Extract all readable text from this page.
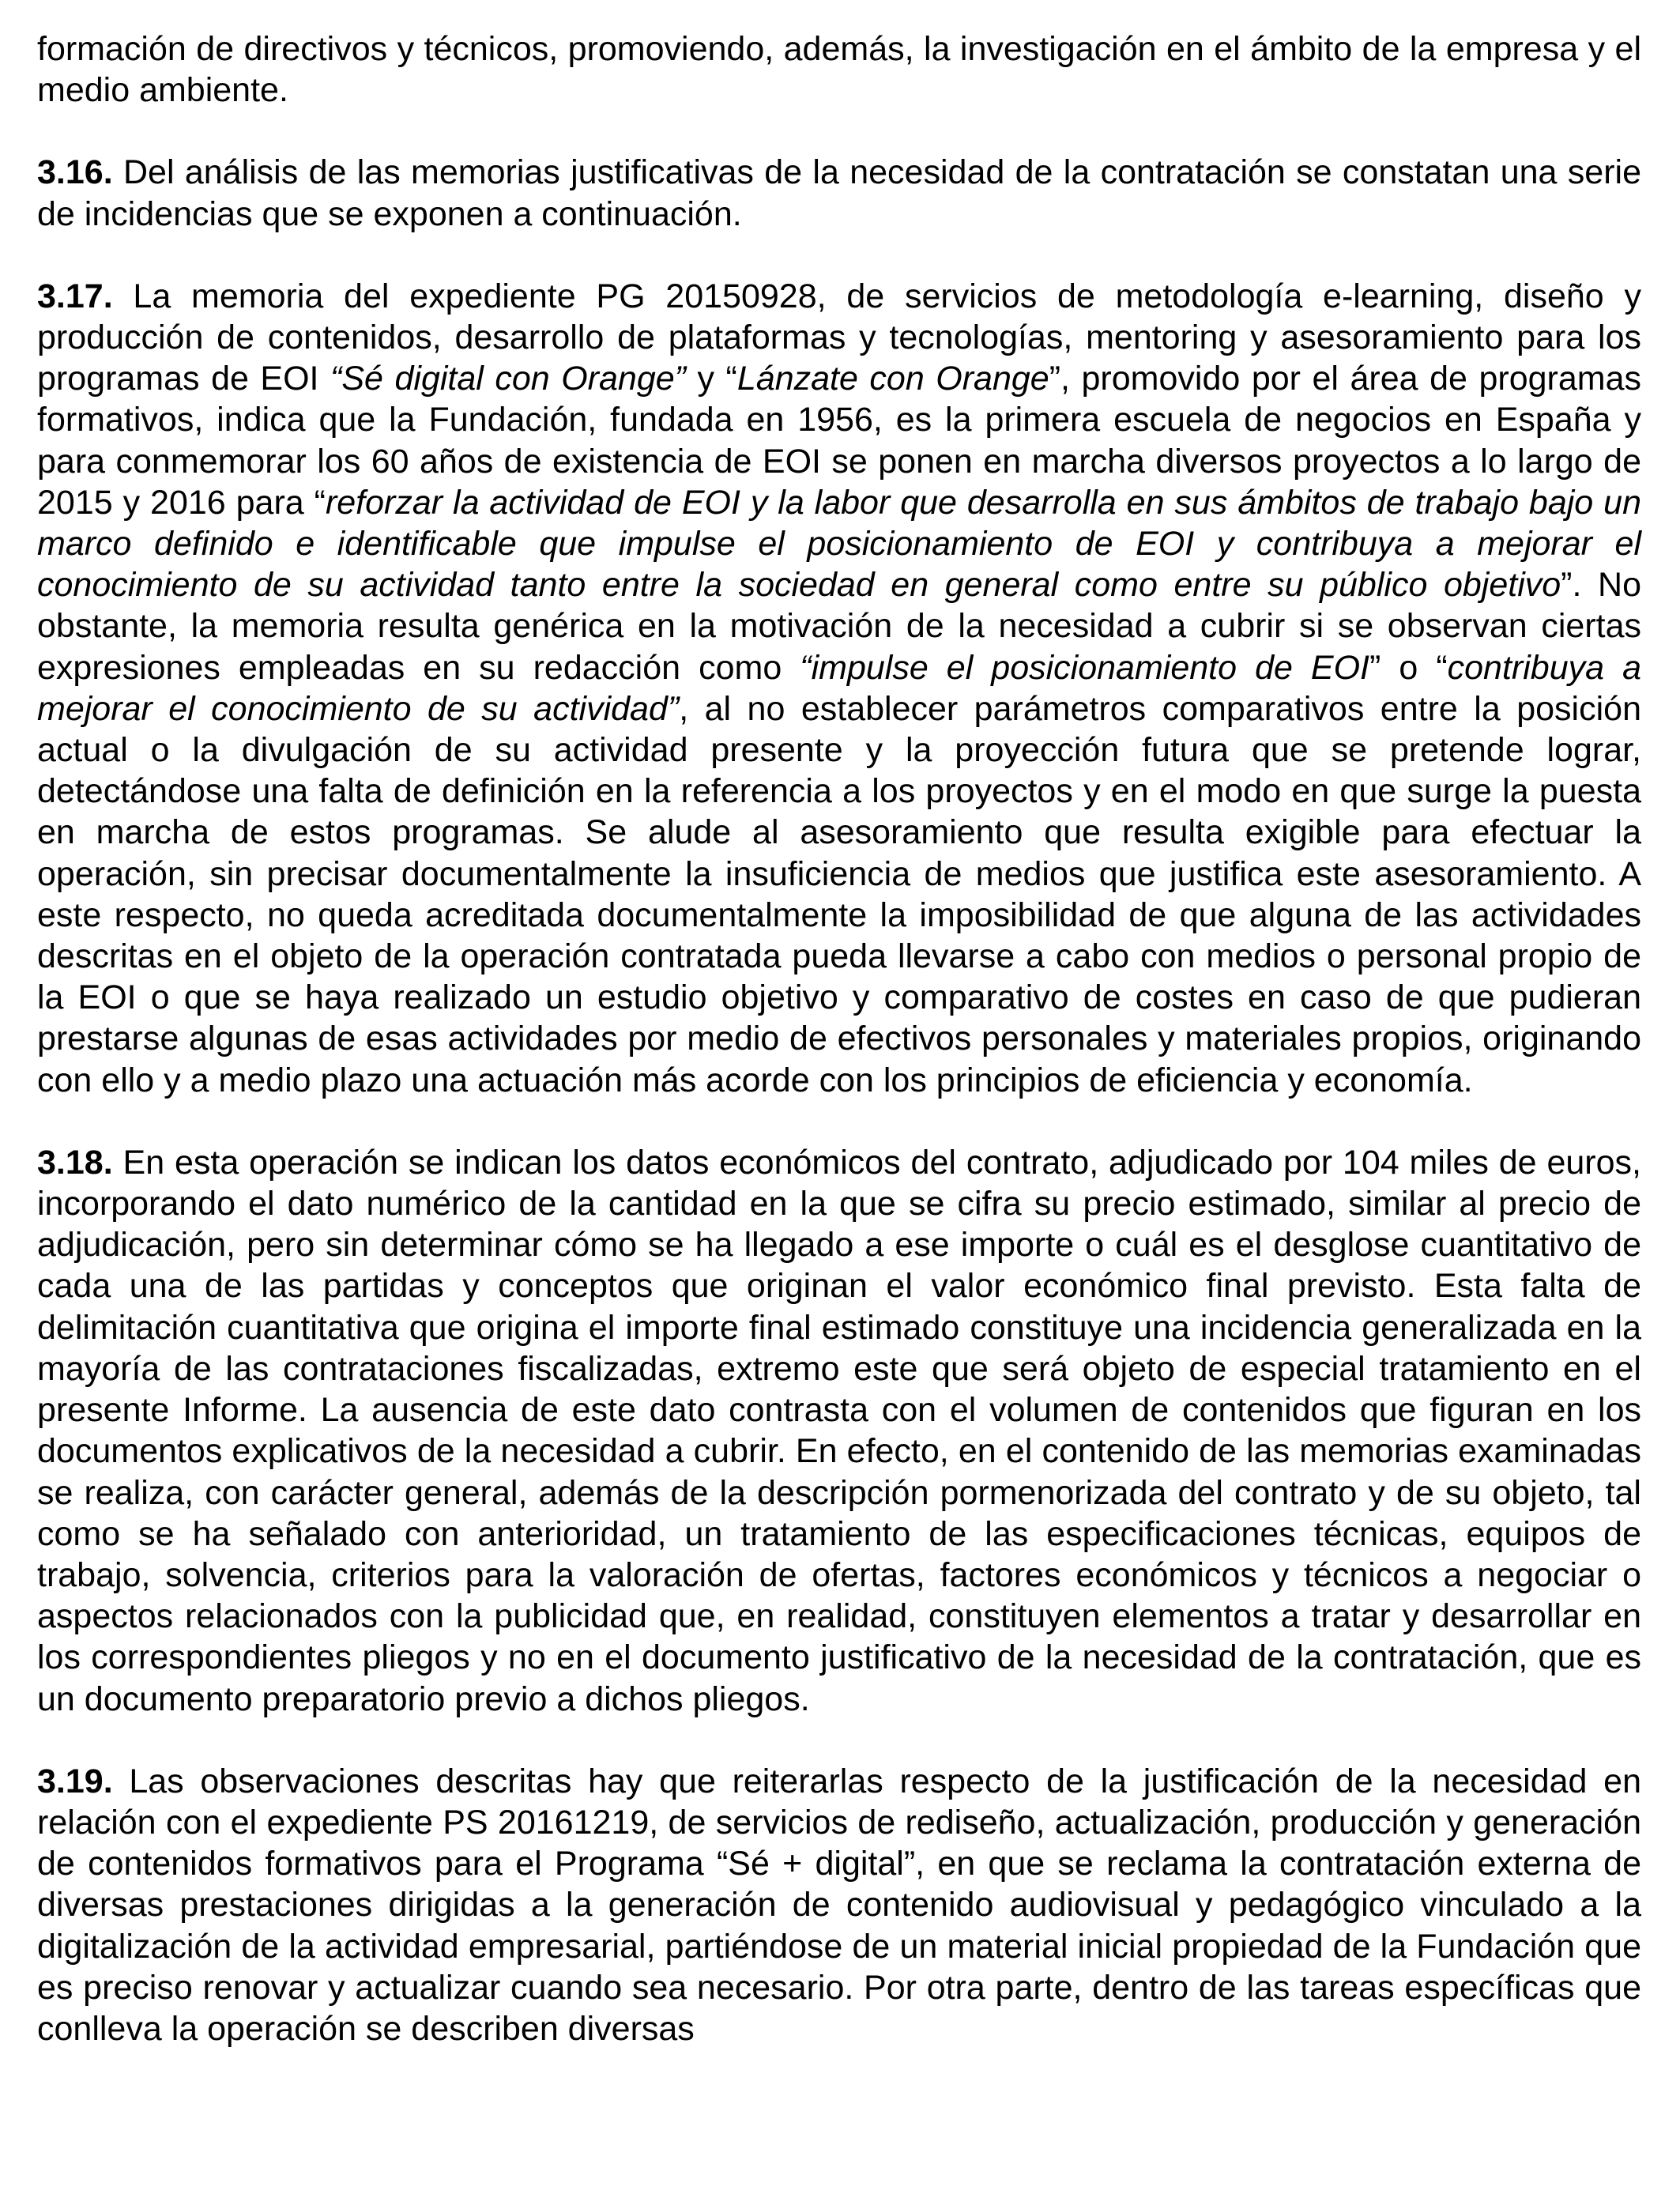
formación de directivos y técnicos, promoviendo, además, la investigación en el ámbito de la empresa y el medio ambiente.

3.16. Del análisis de las memorias justificativas de la necesidad de la contratación se constatan una serie de incidencias que se exponen a continuación.

3.17. La memoria del expediente PG 20150928, de servicios de metodología e-learning, diseño y producción de contenidos, desarrollo de plataformas y tecnologías, mentoring y asesoramiento para los programas de EOI “Sé digital con Orange” y “Lánzate con Orange”, promovido por el área de programas formativos, indica que la Fundación, fundada en 1956, es la primera escuela de negocios en España y para conmemorar los 60 años de existencia de EOI se ponen en marcha diversos proyectos a lo largo de 2015 y 2016 para “reforzar la actividad de EOI y la labor que desarrolla en sus ámbitos de trabajo bajo un marco definido e identificable que impulse el posicionamiento de EOI y contribuya a mejorar el conocimiento de su actividad tanto entre la sociedad en general como entre su público objetivo”. No obstante, la memoria resulta genérica en la motivación de la necesidad a cubrir si se observan ciertas expresiones empleadas en su redacción como “impulse el posicionamiento de EOI” o “contribuya a mejorar el conocimiento de su actividad”, al no establecer parámetros comparativos entre la posición actual o la divulgación de su actividad presente y la proyección futura que se pretende lograr, detectándose una falta de definición en la referencia a los proyectos y en el modo en que surge la puesta en marcha de estos programas. Se alude al asesoramiento que resulta exigible para efectuar la operación, sin precisar documentalmente la insuficiencia de medios que justifica este asesoramiento. A este respecto, no queda acreditada documentalmente la imposibilidad de que alguna de las actividades descritas en el objeto de la operación contratada pueda llevarse a cabo con medios o personal propio de la EOI o que se haya realizado un estudio objetivo y comparativo de costes en caso de que pudieran prestarse algunas de esas actividades por medio de efectivos personales y materiales propios, originando con ello y a medio plazo una actuación más acorde con los principios de eficiencia y economía.

3.18. En esta operación se indican los datos económicos del contrato, adjudicado por 104 miles de euros, incorporando el dato numérico de la cantidad en la que se cifra su precio estimado, similar al precio de adjudicación, pero sin determinar cómo se ha llegado a ese importe o cuál es el desglose cuantitativo de cada una de las partidas y conceptos que originan el valor económico final previsto. Esta falta de delimitación cuantitativa que origina el importe final estimado constituye una incidencia generalizada en la mayoría de las contrataciones fiscalizadas, extremo este que será objeto de especial tratamiento en el presente Informe. La ausencia de este dato contrasta con el volumen de contenidos que figuran en los documentos explicativos de la necesidad a cubrir. En efecto, en el contenido de las memorias examinadas se realiza, con carácter general, además de la descripción pormenorizada del contrato y de su objeto, tal como se ha señalado con anterioridad, un tratamiento de las especificaciones técnicas, equipos de trabajo, solvencia, criterios para la valoración de ofertas, factores económicos y técnicos a negociar o aspectos relacionados con la publicidad que, en realidad, constituyen elementos a tratar y desarrollar en los correspondientes pliegos y no en el documento justificativo de la necesidad de la contratación, que es un documento preparatorio previo a dichos pliegos.

3.19. Las observaciones descritas hay que reiterarlas respecto de la justificación de la necesidad en relación con el expediente PS 20161219, de servicios de rediseño, actualización, producción y generación de contenidos formativos para el Programa “Sé + digital”, en que se reclama la contratación externa de diversas prestaciones dirigidas a la generación de contenido audiovisual y pedagógico vinculado a la digitalización de la actividad empresarial, partiéndose de un material inicial propiedad de la Fundación que es preciso renovar y actualizar cuando sea necesario. Por otra parte, dentro de las tareas específicas que conlleva la operación se describen diversas
